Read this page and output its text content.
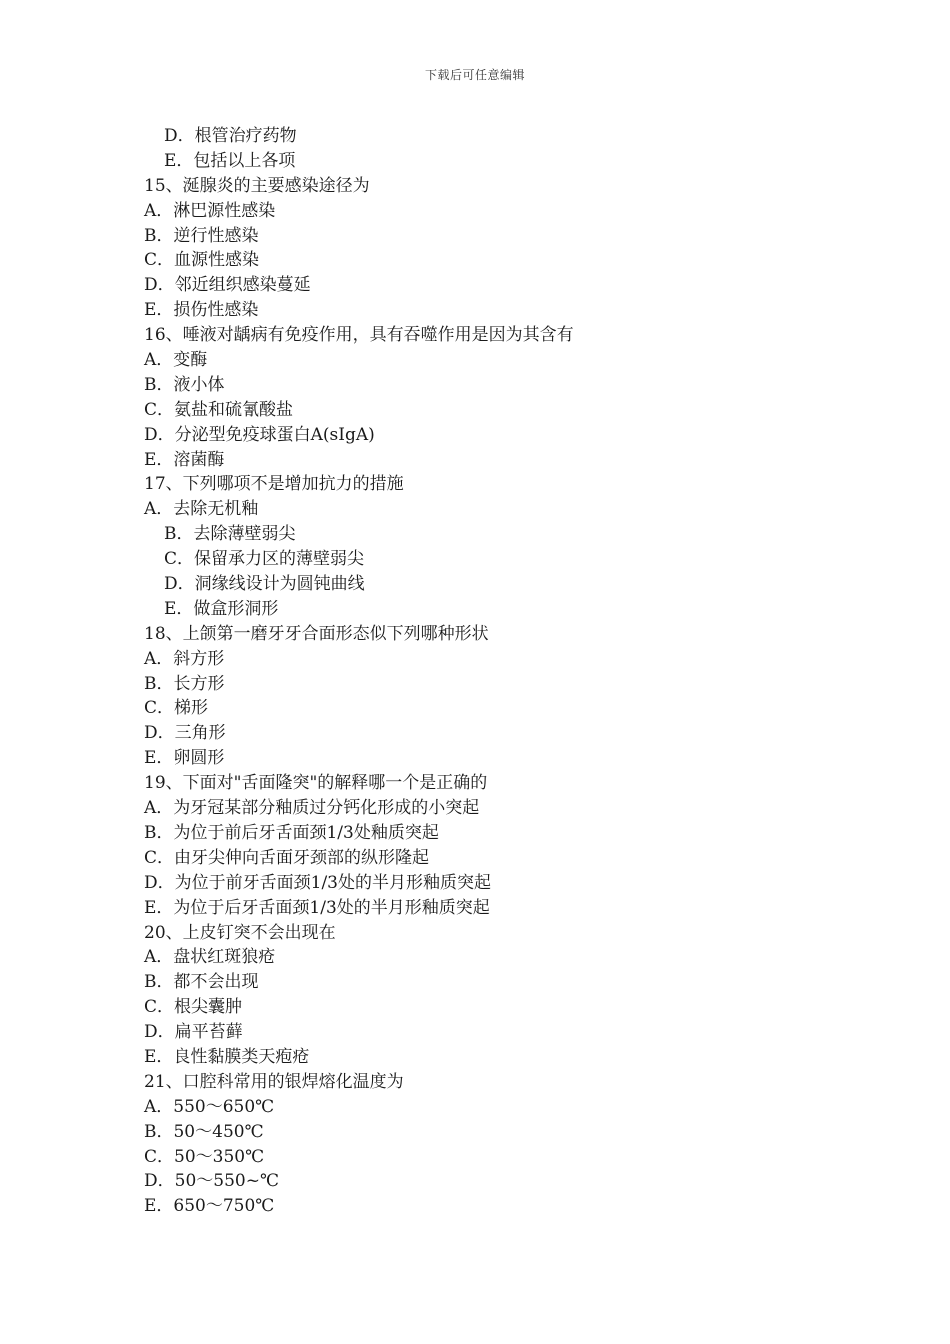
下载后可任意编辑
D．根管治疗药物
E．包括以上各项
15、涎腺炎的主要感染途径为
A．淋巴源性感染
B．逆行性感染
C．血源性感染
D．邻近组织感染蔓延
E．损伤性感染
16、唾液对龋病有免疫作用，具有吞噬作用是因为其含有
A．变酶
B．液小体
C．氨盐和硫氰酸盐
D．分泌型免疫球蛋白A(sIgA)
E．溶菌酶
17、下列哪项不是增加抗力的措施
A．去除无机釉
B．去除薄壁弱尖
C．保留承力区的薄壁弱尖
D．洞缘线设计为圆钝曲线
E．做盒形洞形
18、上颌第一磨牙牙合面形态似下列哪种形状
A．斜方形
B．长方形
C．梯形
D．三角形
E．卵圆形
19、下面对"舌面隆突"的解释哪一个是正确的
A．为牙冠某部分釉质过分钙化形成的小突起
B．为位于前后牙舌面颈1/3处釉质突起
C．由牙尖伸向舌面牙颈部的纵形隆起
D．为位于前牙舌面颈1/3处的半月形釉质突起
E．为位于后牙舌面颈1/3处的半月形釉质突起
20、上皮钉突不会出现在
A．盘状红斑狼疮
B．都不会出现
C．根尖囊肿
D．扁平苔藓
E．良性黏膜类天疱疮
21、口腔科常用的银焊熔化温度为
A．550～650℃
B．50～450℃
C．50～350℃
D．50～550~℃
E．650～750℃
